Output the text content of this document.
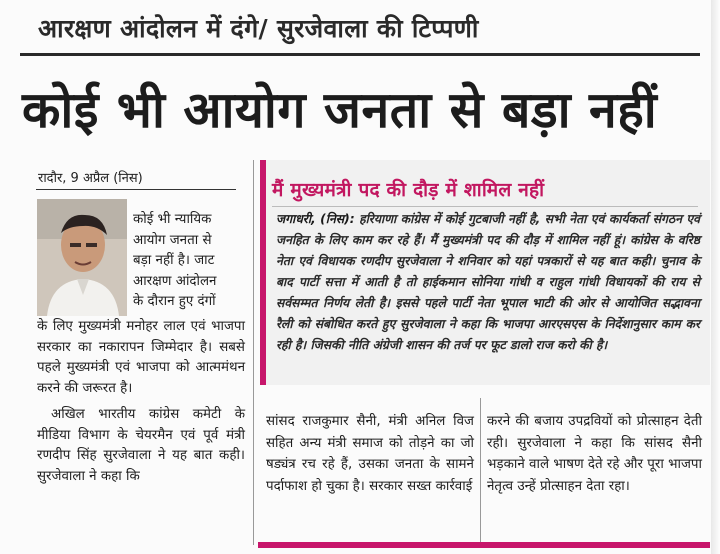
आरक्षण आंदोलन में दंगे/ सुरजेवाला की टिप्पणी
कोई भी आयोग जनता से बड़ा नहीं
रादौर, 9 अप्रैल (निस)
कोई भी न्यायिक
आयोग जनता से
बड़ा नहीं है। जाट
आरक्षण आंदोलन
के दौरान हुए दंगों

के लिए मुख्यमंत्री मनोहर लाल एवं भाजपा सरकार का नकारापन जिम्मेदार है। सबसे पहले मुख्यमंत्री एवं भाजपा को आत्ममंथन करने की जरूरत है।

अखिल भारतीय कांग्रेस कमेटी के मीडिया विभाग के चेयरमैन एवं पूर्व मंत्री रणदीप सिंह सुरजेवाला ने यह बात कही। सुरजेवाला ने कहा कि

मैं मुख्यमंत्री पद की दौड़ में शामिल नहीं
जगाधरी, (निस): हरियाणा कांग्रेस में कोई गुटबाजी नहीं है, सभी नेता एवं कार्यकर्ता संगठन एवं जनहित के लिए काम कर रहे हैं। मैं मुख्यमंत्री पद की दौड़ में शामिल नहीं हूं। कांग्रेस के वरिष्ठ नेता एवं विधायक रणदीप सुरजेवाला ने शनिवार को यहां पत्रकारों से यह बात कही। चुनाव के बाद पार्टी सत्ता में आती है तो हाईकमान सोनिया गांधी व राहुल गांधी विधायकों की राय से सर्वसम्मत निर्णय लेती है। इससे पहले पार्टी नेता भूपाल भाटी की ओर से आयोजित सद्भावना रैली को संबोधित करते हुए सुरजेवाला ने कहा कि भाजपा आरएसएस के निर्देशानुसार काम कर रही है। जिसकी नीति अंग्रेजी शासन की तर्ज पर फूट डालो राज करो की है।
सांसद राजकुमार सैनी, मंत्री अनिल विज सहित अन्य मंत्री समाज को तोड़ने का जो षड्यंत्र रच रहे हैं, उसका जनता के सामने पर्दाफाश हो चुका है। सरकार सख्त कार्रवाई
करने की बजाय उपद्रवियों को प्रोत्साहन देती रही। सुरजेवाला ने कहा कि सांसद सैनी भड़काने वाले भाषण देते रहे और पूरा भाजपा नेतृत्व उन्हें प्रोत्साहन देता रहा।
